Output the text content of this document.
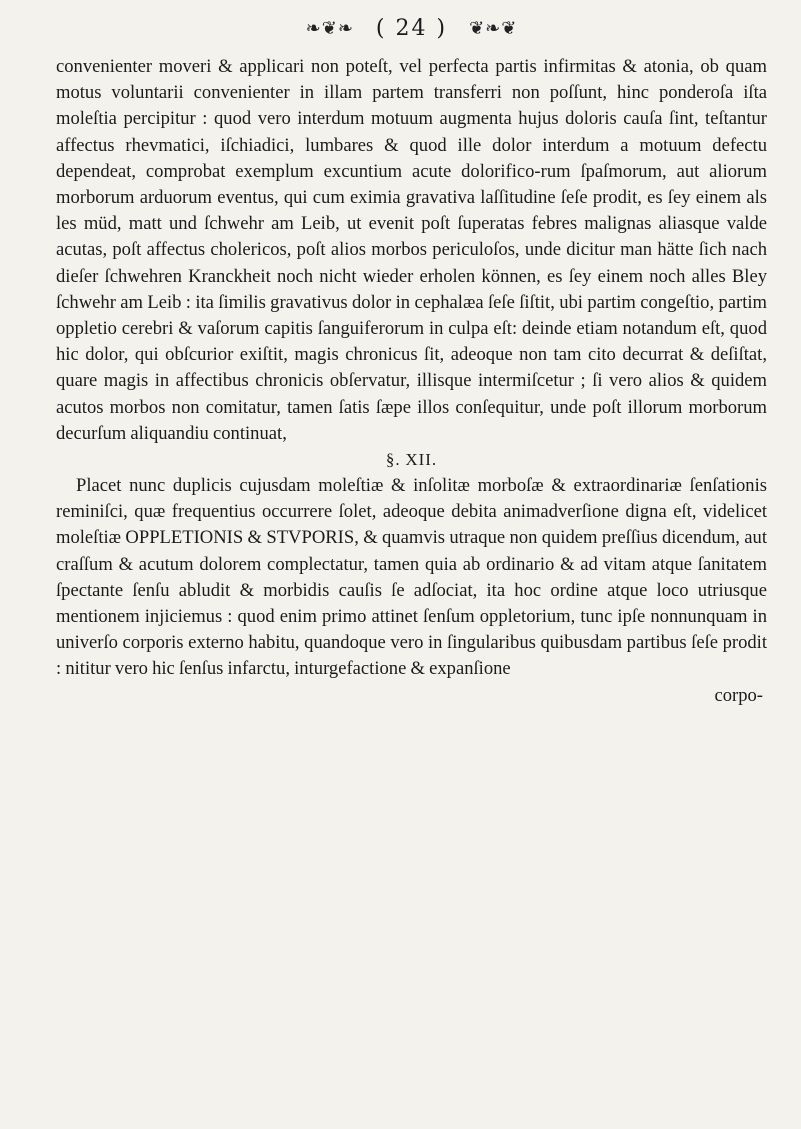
❧❦❧ ( 24 ) ❦❧❦

convenienter moveri & applicari non poteſt, vel perfecta partis infirmitas & atonia, ob quam motus voluntarii convenienter in illam partem transferri non poſſunt, hinc ponderoſa iſta moleſtia percipitur : quod vero interdum motuum augmenta hujus doloris cauſa ſint, teſtantur affectus rhevmatici, iſchiadici, lumbares & quod ille dolor interdum a motuum defectu dependeat, comprobat exemplum excuntium acute dolorifico-rum ſpaſmorum, aut aliorum morborum arduorum eventus, qui cum eximia gravativa laſſitudine ſeſe prodit, es ſey einem als les müd, matt und ſchwehr am Leib, ut evenit poſt ſuperatas febres malignas aliasque valde acutas, poſt affectus cholericos, poſt alios morbos periculoſos, unde dicitur man hätte ſich nach dieſer ſchwehren Kranckheit noch nicht wieder erholen können, es ſey einem noch alles Bley ſchwehr am Leib : ita ſimilis gravativus dolor in cephalæa ſeſe ſiſtit, ubi partim congeſtio, partim oppletio cerebri & vaſorum capitis ſanguiferorum in culpa eſt: deinde etiam notandum eſt, quod hic dolor, qui obſcurior exiſtit, magis chronicus ſit, adeoque non tam cito decurrat & deſiſtat, quare magis in affectibus chronicis obſervatur, illisque intermiſcetur ; ſi vero alios & quidem acutos morbos non comitatur, tamen ſatis ſæpe illos conſequitur, unde poſt illorum morborum decurſum aliquandiu continuat,

§. XII.

Placet nunc duplicis cujusdam moleſtiæ & inſolitæ morboſæ & extraordinariæ ſenſationis reminiſci, quæ frequentius occurrere ſolet, adeoque debita animadverſione digna eſt, videlicet moleſtiæ OPPLETIONIS & STVPORIS, & quamvis utraque non quidem preſſius dicendum, aut craſſum & acutum dolorem complectatur, tamen quia ab ordinario & ad vitam atque ſanitatem ſpectante ſenſu abludit & morbidis cauſis ſe adſociat, ita hoc ordine atque loco utriusque mentionem injiciemus : quod enim primo attinet ſenſum oppletorium, tunc ipſe nonnunquam in univerſo corporis externo habitu, quandoque vero in ſingularibus quibusdam partibus ſeſe prodit : nititur vero hic ſenſus infarctu, inturgefactione & expanſione

corpo-
